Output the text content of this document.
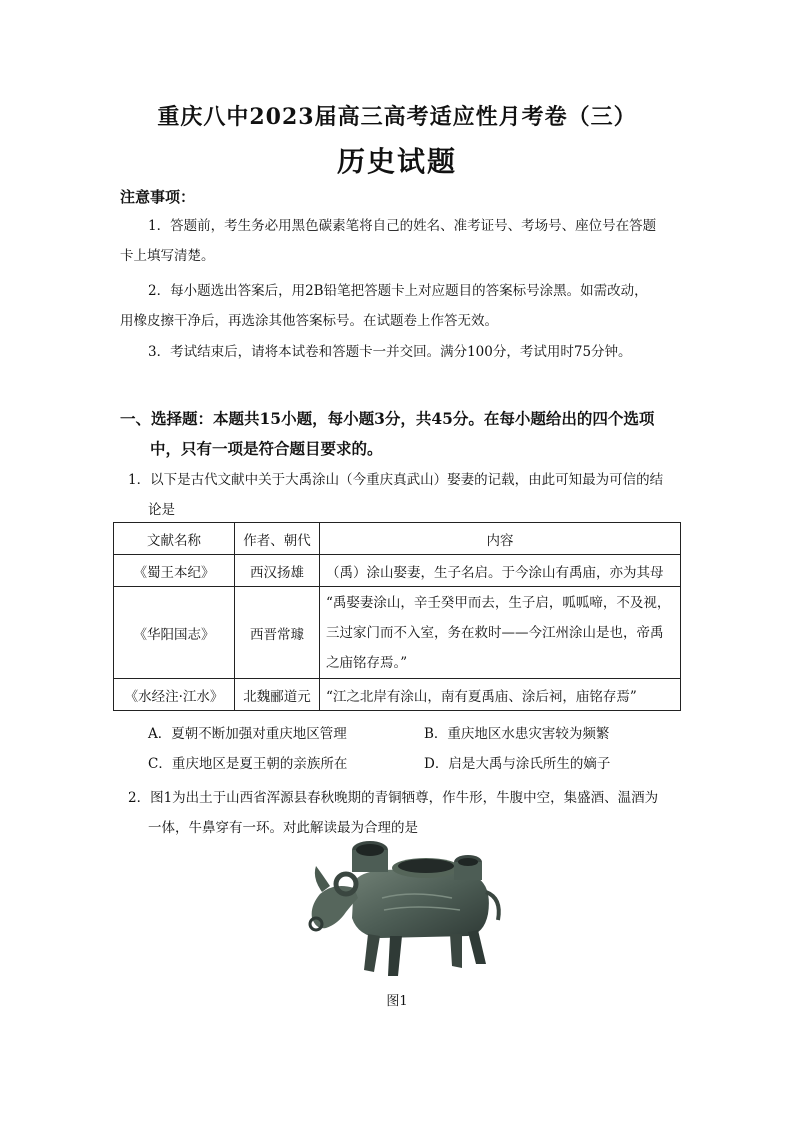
重庆八中2023届高三高考适应性月考卷（三）
历史试题
注意事项：
1．答题前，考生务必用黑色碳素笔将自己的姓名、准考证号、考场号、座位号在答题
卡上填写清楚。
2．每小题选出答案后，用2B铅笔把答题卡上对应题目的答案标号涂黑。如需改动，
用橡皮擦干净后，再选涂其他答案标号。在试题卷上作答无效。
3．考试结束后，请将本试卷和答题卡一并交回。满分100分，考试用时75分钟。
一、选择题：本题共15小题，每小题3分，共45分。在每小题给出的四个选项
中，只有一项是符合题目要求的。
1．以下是古代文献中关于大禹涂山（今重庆真武山）娶妻的记载，由此可知最为可信的结
论是
文献名称	作者、朝代	内容
《蜀王本纪》	西汉扬雄	（禹）涂山娶妻，生子名启。于今涂山有禹庙，亦为其母
《华阳国志》	西晋常璩	“禹娶妻涂山，辛壬癸甲而去，生子启，呱呱啼，不及视，
三过家门而不入室，务在救时——今江州涂山是也，帝禹
之庙铭存焉。”

《水经注·江水》	北魏郦道元	“江之北岸有涂山，南有夏禹庙、涂后祠，庙铭存焉”
A．夏朝不断加强对重庆地区管理	B．重庆地区水患灾害较为频繁
C．重庆地区是夏王朝的亲族所在	D．启是大禹与涂氏所生的嫡子
2．图1为出土于山西省浑源县春秋晚期的青铜牺尊，作牛形，牛腹中空，集盛酒、温酒为
一体，牛鼻穿有一环。对此解读最为合理的是
图1
